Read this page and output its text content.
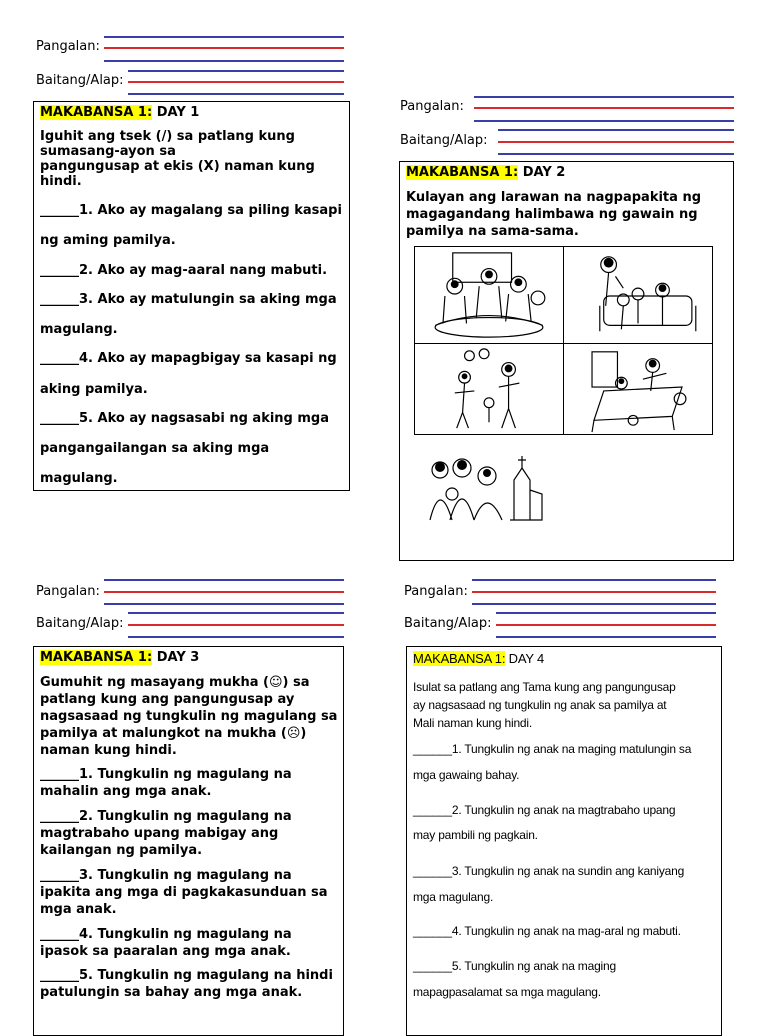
Pangalan:
Baitang/Alap:
MAKABANSA 1: DAY 1
Iguhit ang tsek (/) sa patlang kung
sumasang-ayon sa
pangungusap at ekis (X) naman kung
hindi.
______1. Ako ay magalang sa piling kasapi
ng aming pamilya.
______2. Ako ay mag-aaral nang mabuti.
______3. Ako ay matulungin sa aking mga
magulang.
______4. Ako ay mapagbigay sa kasapi ng
aking pamilya.
______5. Ako ay nagsasabi ng aking mga
pangangailangan sa aking mga
magulang.
Pangalan:
Baitang/Alap:
MAKABANSA 1: DAY 2
Kulayan ang larawan na nagpapakita ng
magagandang halimbawa ng gawain ng
pamilya na sama-sama.
Pangalan:
Baitang/Alap:
MAKABANSA 1: DAY 3
Gumuhit ng masayang mukha (☺) sa
patlang kung ang pangungusap ay
nagsasaad ng tungkulin ng magulang sa
pamilya at malungkot na mukha (☹)
naman kung hindi.
______1. Tungkulin ng magulang na
mahalin ang mga anak.
______2. Tungkulin ng magulang na
magtrabaho upang mabigay ang
kailangan ng pamilya.
______3. Tungkulin ng magulang na
ipakita ang mga di pagkakasunduan sa
mga anak.
______4. Tungkulin ng magulang na
ipasok sa paaralan ang mga anak.
______5. Tungkulin ng magulang na hindi
patulungin sa bahay ang mga anak.
Pangalan:
Baitang/Alap:
MAKABANSA 1: DAY 4
Isulat sa patlang ang Tama kung ang pangungusap
ay nagsasaad ng tungkulin ng anak sa pamilya at
Mali naman kung hindi.
______1. Tungkulin ng anak na maging matulungin sa
mga gawaing bahay.
______2. Tungkulin ng anak na magtrabaho upang
may pambili ng pagkain.
______3. Tungkulin ng anak na sundin ang kaniyang
mga magulang.
______4. Tungkulin ng anak na mag-aral ng mabuti.
______5. Tungkulin ng anak na maging
mapagpasalamat sa mga magulang.
